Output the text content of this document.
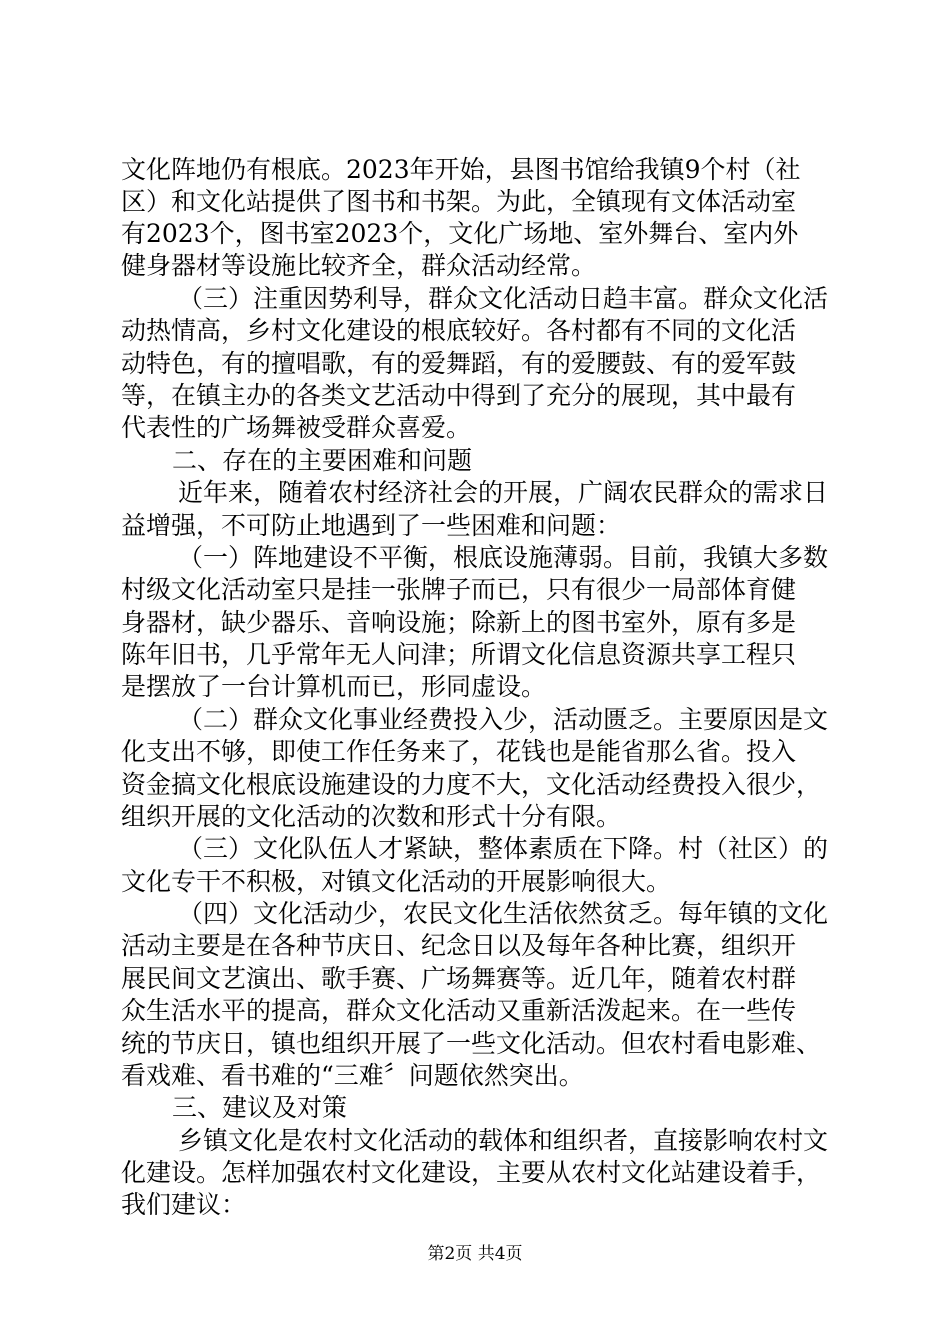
文化阵地仍有根底。2023年开始，县图书馆给我镇9个村（社
区）和文化站提供了图书和书架。为此，全镇现有文体活动室
有2023个，图书室2023个，文化广场地、室外舞台、室内外
健身器材等设施比较齐全，群众活动经常。
（三）注重因势利导，群众文化活动日趋丰富。群众文化活
动热情高，乡村文化建设的根底较好。各村都有不同的文化活
动特色，有的擅唱歌，有的爱舞蹈，有的爱腰鼓、有的爱军鼓
等，在镇主办的各类文艺活动中得到了充分的展现，其中最有
代表性的广场舞被受群众喜爱。
二、存在的主要困难和问题
近年来，随着农村经济社会的开展，广阔农民群众的需求日
益增强，不可防止地遇到了一些困难和问题：
（一）阵地建设不平衡，根底设施薄弱。目前，我镇大多数
村级文化活动室只是挂一张牌子而已，只有很少一局部体育健
身器材，缺少器乐、音响设施；除新上的图书室外，原有多是
陈年旧书，几乎常年无人问津；所谓文化信息资源共享工程只
是摆放了一台计算机而已，形同虚设。
（二）群众文化事业经费投入少，活动匮乏。主要原因是文
化支出不够，即使工作任务来了，花钱也是能省那么省。投入
资金搞文化根底设施建设的力度不大，文化活动经费投入很少，
组织开展的文化活动的次数和形式十分有限。
（三）文化队伍人才紧缺，整体素质在下降。村（社区）的
文化专干不积极，对镇文化活动的开展影响很大。
（四）文化活动少，农民文化生活依然贫乏。每年镇的文化
活动主要是在各种节庆日、纪念日以及每年各种比赛，组织开
展民间文艺演出、歌手赛、广场舞赛等。近几年，随着农村群
众生活水平的提高，群众文化活动又重新活泼起来。在一些传
统的节庆日，镇也组织开展了一些文化活动。但农村看电影难、
看戏难、看书难的“三难〞问题依然突出。
三、建议及对策
乡镇文化是农村文化活动的载体和组织者，直接影响农村文
化建设。怎样加强农村文化建设，主要从农村文化站建设着手，
我们建议：
第2页 共4页
